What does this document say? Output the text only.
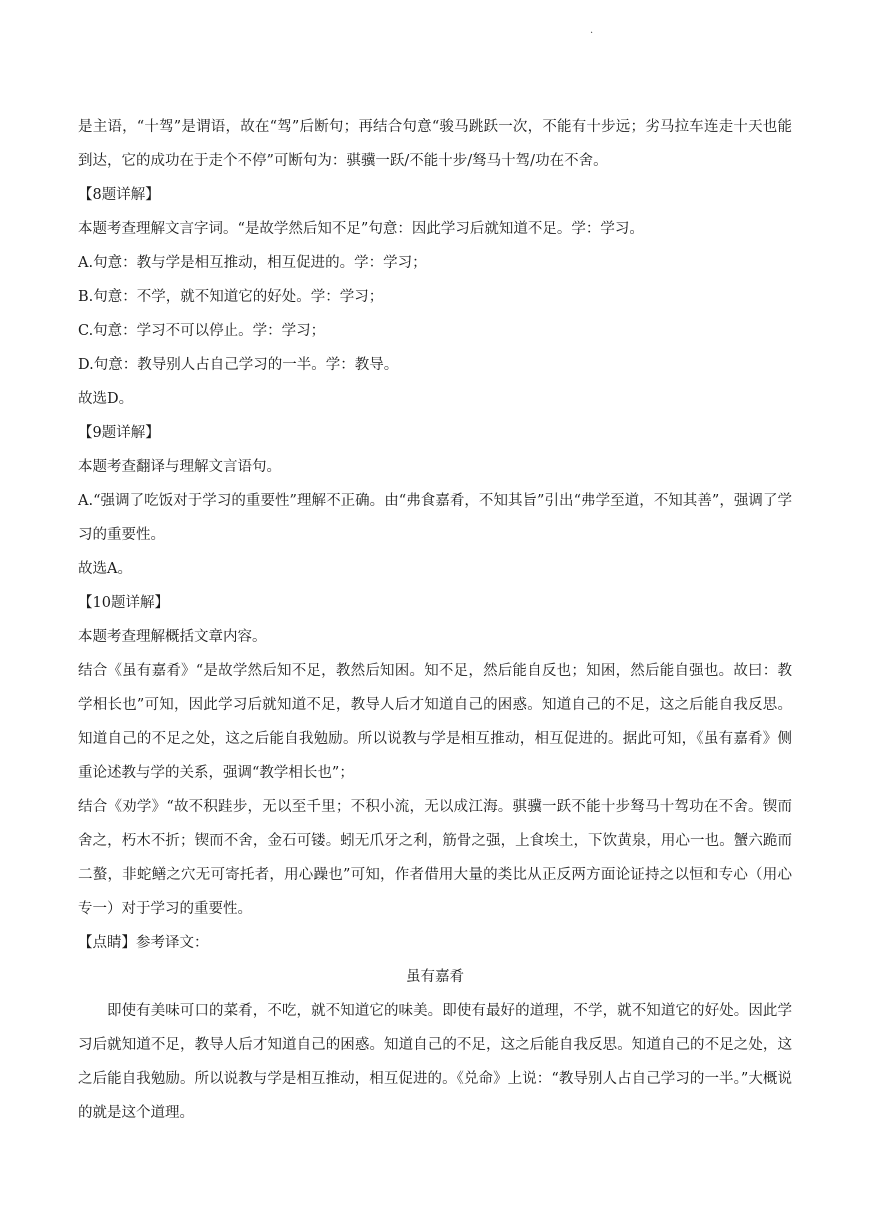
·

是主语，“十驾”是谓语，故在“驾”后断句；再结合句意“骏马跳跃一次，不能有十步远；劣马拉车连走十天也能到达，它的成功在于走个不停”可断句为：骐骥一跃/不能十步/驽马十驾/功在不舍。

【8题详解】

本题考查理解文言字词。“是故学然后知不足”句意：因此学习后就知道不足。学：学习。

A.句意：教与学是相互推动，相互促进的。学：学习；

B.句意：不学，就不知道它的好处。学：学习；

C.句意：学习不可以停止。学：学习；

D.句意：教导别人占自己学习的一半。学：教导。

故选D。

【9题详解】

本题考查翻译与理解文言语句。

A.“强调了吃饭对于学习的重要性”理解不正确。由“弗食嘉肴，不知其旨”引出“弗学至道，不知其善”，强调了学习的重要性。

故选A。

【10题详解】

本题考查理解概括文章内容。

结合《虽有嘉肴》“是故学然后知不足，教然后知困。知不足，然后能自反也；知困，然后能自强也。故曰：教学相长也”可知，因此学习后就知道不足，教导人后才知道自己的困惑。知道自己的不足，这之后能自我反思。知道自己的不足之处，这之后能自我勉励。所以说教与学是相互推动，相互促进的。据此可知，《虽有嘉肴》侧重论述教与学的关系，强调“教学相长也”；

结合《劝学》“故不积跬步，无以至千里；不积小流，无以成江海。骐骥一跃不能十步驽马十驾功在不舍。锲而舍之，朽木不折；锲而不舍，金石可镂。蚓无爪牙之利，筋骨之强，上食埃土，下饮黄泉，用心一也。蟹六跪而二螯，非蛇鳝之穴无可寄托者，用心躁也”可知，作者借用大量的类比从正反两方面论证持之以恒和专心（用心专一）对于学习的重要性。

【点睛】参考译文：

虽有嘉肴

即使有美味可口的菜肴，不吃，就不知道它的味美。即使有最好的道理，不学，就不知道它的好处。因此学习后就知道不足，教导人后才知道自己的困惑。知道自己的不足，这之后能自我反思。知道自己的不足之处，这之后能自我勉励。所以说教与学是相互推动，相互促进的。《兑命》上说：“教导别人占自己学习的一半。”大概说的就是这个道理。
